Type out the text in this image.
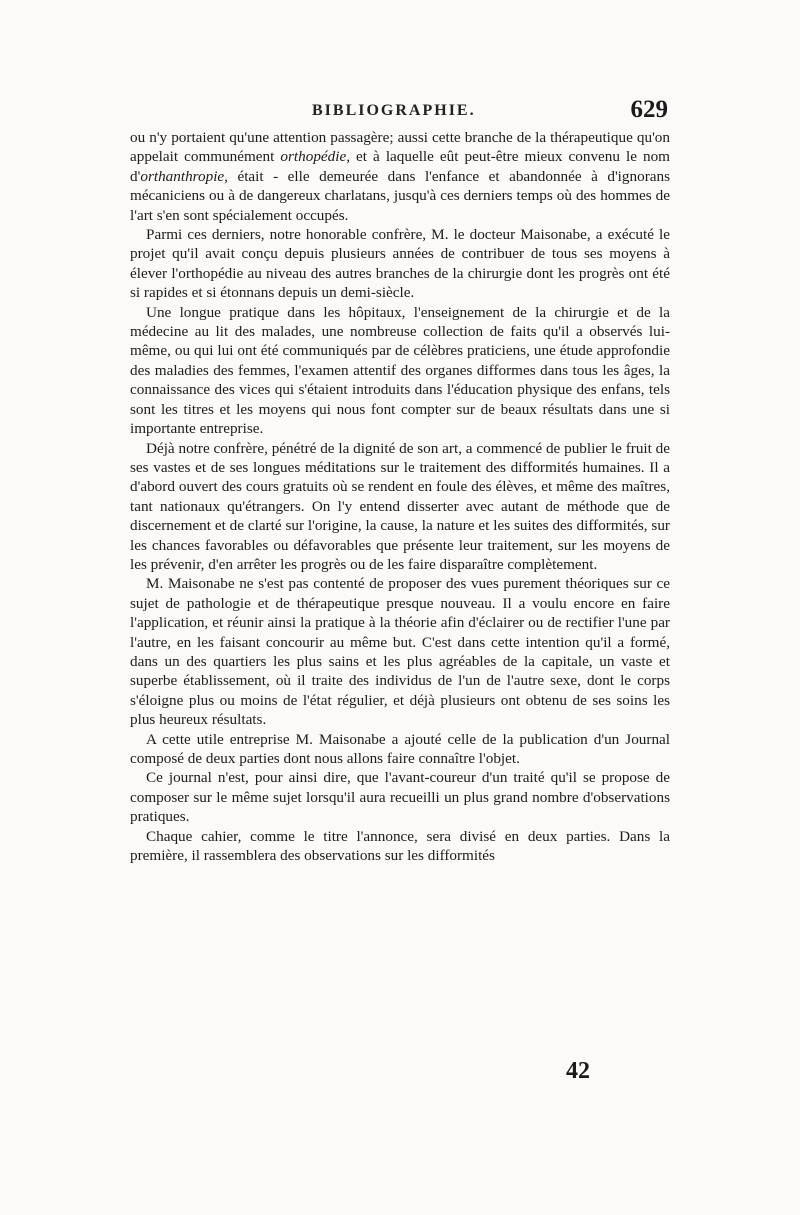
BIBLIOGRAPHIE.	629

ou n'y portaient qu'une attention passagère; aussi cette branche de la thérapeutique qu'on appelait communément orthopédie, et à laquelle eût peut-être mieux convenu le nom d'orthanthropie, était - elle demeurée dans l'enfance et abandonnée à d'ignorans mécaniciens ou à de dangereux charlatans, jusqu'à ces derniers temps où des hommes de l'art s'en sont spécialement occupés.

Parmi ces derniers, notre honorable confrère, M. le docteur Maisonabe, a exécuté le projet qu'il avait conçu depuis plusieurs années de contribuer de tous ses moyens à élever l'orthopédie au niveau des autres branches de la chirurgie dont les progrès ont été si rapides et si étonnans depuis un demi-siècle.

Une longue pratique dans les hôpitaux, l'enseignement de la chirurgie et de la médecine au lit des malades, une nombreuse collection de faits qu'il a observés lui-même, ou qui lui ont été communiqués par de célèbres praticiens, une étude approfondie des maladies des femmes, l'examen attentif des organes difformes dans tous les âges, la connaissance des vices qui s'étaient introduits dans l'éducation physique des enfans, tels sont les titres et les moyens qui nous font compter sur de beaux résultats dans une si importante entreprise.

Déjà notre confrère, pénétré de la dignité de son art, a commencé de publier le fruit de ses vastes et de ses longues méditations sur le traitement des difformités humaines. Il a d'abord ouvert des cours gratuits où se rendent en foule des élèves, et même des maîtres, tant nationaux qu'étrangers. On l'y entend disserter avec autant de méthode que de discernement et de clarté sur l'origine, la cause, la nature et les suites des difformités, sur les chances favorables ou défavorables que présente leur traitement, sur les moyens de les prévenir, d'en arrêter les progrès ou de les faire disparaître complètement.

M. Maisonabe ne s'est pas contenté de proposer des vues purement théoriques sur ce sujet de pathologie et de thérapeutique presque nouveau. Il a voulu encore en faire l'application, et réunir ainsi la pratique à la théorie afin d'éclairer ou de rectifier l'une par l'autre, en les faisant concourir au même but. C'est dans cette intention qu'il a formé, dans un des quartiers les plus sains et les plus agréables de la capitale, un vaste et superbe établissement, où il traite des individus de l'un de l'autre sexe, dont le corps s'éloigne plus ou moins de l'état régulier, et déjà plusieurs ont obtenu de ses soins les plus heureux résultats.

A cette utile entreprise M. Maisonabe a ajouté celle de la publication d'un Journal composé de deux parties dont nous allons faire connaître l'objet.

Ce journal n'est, pour ainsi dire, que l'avant-coureur d'un traité qu'il se propose de composer sur le même sujet lorsqu'il aura recueilli un plus grand nombre d'observations pratiques.

Chaque cahier, comme le titre l'annonce, sera divisé en deux parties. Dans la première, il rassemblera des observations sur les difformités

42
